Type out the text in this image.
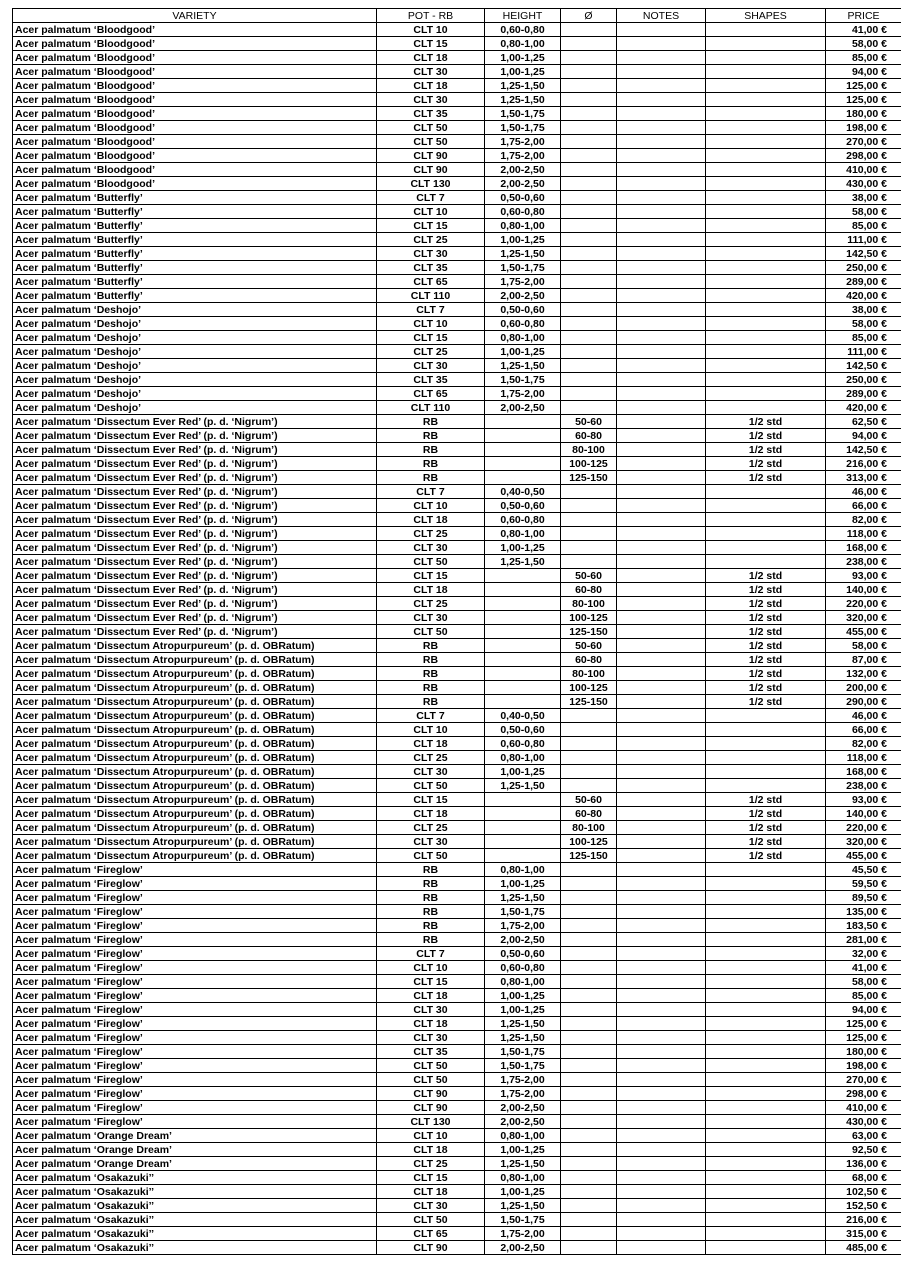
VARIETY	POT - RB	HEIGHT	Ø	NOTES	SHAPES	PRICE
Acer palmatum ‘Bloodgood’	CLT 10	0,60-0,80				41,00 €
Acer palmatum ‘Bloodgood’	CLT 15	0,80-1,00				58,00 €
Acer palmatum ‘Bloodgood’	CLT 18	1,00-1,25				85,00 €
Acer palmatum ‘Bloodgood’	CLT 30	1,00-1,25				94,00 €
Acer palmatum ‘Bloodgood’	CLT 18	1,25-1,50				125,00 €
Acer palmatum ‘Bloodgood’	CLT 30	1,25-1,50				125,00 €
Acer palmatum ‘Bloodgood’	CLT 35	1,50-1,75				180,00 €
Acer palmatum ‘Bloodgood’	CLT 50	1,50-1,75				198,00 €
Acer palmatum ‘Bloodgood’	CLT 50	1,75-2,00				270,00 €
Acer palmatum ‘Bloodgood’	CLT 90	1,75-2,00				298,00 €
Acer palmatum ‘Bloodgood’	CLT 90	2,00-2,50				410,00 €
Acer palmatum ‘Bloodgood’	CLT 130	2,00-2,50				430,00 €
Acer palmatum ‘Butterfly’	CLT 7	0,50-0,60				38,00 €
Acer palmatum ‘Butterfly’	CLT 10	0,60-0,80				58,00 €
Acer palmatum ‘Butterfly’	CLT 15	0,80-1,00				85,00 €
Acer palmatum ‘Butterfly’	CLT 25	1,00-1,25				111,00 €
Acer palmatum ‘Butterfly’	CLT 30	1,25-1,50				142,50 €
Acer palmatum ‘Butterfly’	CLT 35	1,50-1,75				250,00 €
Acer palmatum ‘Butterfly’	CLT 65	1,75-2,00				289,00 €
Acer palmatum ‘Butterfly’	CLT 110	2,00-2,50				420,00 €
Acer palmatum ‘Deshojo’	CLT 7	0,50-0,60				38,00 €
Acer palmatum ‘Deshojo’	CLT 10	0,60-0,80				58,00 €
Acer palmatum ‘Deshojo’	CLT 15	0,80-1,00				85,00 €
Acer palmatum ‘Deshojo’	CLT 25	1,00-1,25				111,00 €
Acer palmatum ‘Deshojo’	CLT 30	1,25-1,50				142,50 €
Acer palmatum ‘Deshojo’	CLT 35	1,50-1,75				250,00 €
Acer palmatum ‘Deshojo’	CLT 65	1,75-2,00				289,00 €
Acer palmatum ‘Deshojo’	CLT 110	2,00-2,50				420,00 €
Acer palmatum ‘Dissectum Ever Red’ (p. d. ‘Nigrum’)	RB		50-60		1/2 std	62,50 €
Acer palmatum ‘Dissectum Ever Red’ (p. d. ‘Nigrum’)	RB		60-80		1/2 std	94,00 €
Acer palmatum ‘Dissectum Ever Red’ (p. d. ‘Nigrum’)	RB		80-100		1/2 std	142,50 €
Acer palmatum ‘Dissectum Ever Red’ (p. d. ‘Nigrum’)	RB		100-125		1/2 std	216,00 €
Acer palmatum ‘Dissectum Ever Red’ (p. d. ‘Nigrum’)	RB		125-150		1/2 std	313,00 €
Acer palmatum ‘Dissectum Ever Red’ (p. d. ‘Nigrum’)	CLT 7	0,40-0,50				46,00 €
Acer palmatum ‘Dissectum Ever Red’ (p. d. ‘Nigrum’)	CLT 10	0,50-0,60				66,00 €
Acer palmatum ‘Dissectum Ever Red’ (p. d. ‘Nigrum’)	CLT 18	0,60-0,80				82,00 €
Acer palmatum ‘Dissectum Ever Red’ (p. d. ‘Nigrum’)	CLT 25	0,80-1,00				118,00 €
Acer palmatum ‘Dissectum Ever Red’ (p. d. ‘Nigrum’)	CLT 30	1,00-1,25				168,00 €
Acer palmatum ‘Dissectum Ever Red’ (p. d. ‘Nigrum’)	CLT 50	1,25-1,50				238,00 €
Acer palmatum ‘Dissectum Ever Red’ (p. d. ‘Nigrum’)	CLT 15		50-60		1/2 std	93,00 €
Acer palmatum ‘Dissectum Ever Red’ (p. d. ‘Nigrum’)	CLT 18		60-80		1/2 std	140,00 €
Acer palmatum ‘Dissectum Ever Red’ (p. d. ‘Nigrum’)	CLT 25		80-100		1/2 std	220,00 €
Acer palmatum ‘Dissectum Ever Red’ (p. d. ‘Nigrum’)	CLT 30		100-125		1/2 std	320,00 €
Acer palmatum ‘Dissectum Ever Red’ (p. d. ‘Nigrum’)	CLT 50		125-150		1/2 std	455,00 €
Acer palmatum ‘Dissectum Atropurpureum’ (p. d. OBRatum)	RB		50-60		1/2 std	58,00 €
Acer palmatum ‘Dissectum Atropurpureum’ (p. d. OBRatum)	RB		60-80		1/2 std	87,00 €
Acer palmatum ‘Dissectum Atropurpureum’ (p. d. OBRatum)	RB		80-100		1/2 std	132,00 €
Acer palmatum ‘Dissectum Atropurpureum’ (p. d. OBRatum)	RB		100-125		1/2 std	200,00 €
Acer palmatum ‘Dissectum Atropurpureum’ (p. d. OBRatum)	RB		125-150		1/2 std	290,00 €
Acer palmatum ‘Dissectum Atropurpureum’ (p. d. OBRatum)	CLT 7	0,40-0,50				46,00 €
Acer palmatum ‘Dissectum Atropurpureum’ (p. d. OBRatum)	CLT 10	0,50-0,60				66,00 €
Acer palmatum ‘Dissectum Atropurpureum’ (p. d. OBRatum)	CLT 18	0,60-0,80				82,00 €
Acer palmatum ‘Dissectum Atropurpureum’ (p. d. OBRatum)	CLT 25	0,80-1,00				118,00 €
Acer palmatum ‘Dissectum Atropurpureum’ (p. d. OBRatum)	CLT 30	1,00-1,25				168,00 €
Acer palmatum ‘Dissectum Atropurpureum’ (p. d. OBRatum)	CLT 50	1,25-1,50				238,00 €
Acer palmatum ‘Dissectum Atropurpureum’ (p. d. OBRatum)	CLT 15		50-60		1/2 std	93,00 €
Acer palmatum ‘Dissectum Atropurpureum’ (p. d. OBRatum)	CLT 18		60-80		1/2 std	140,00 €
Acer palmatum ‘Dissectum Atropurpureum’ (p. d. OBRatum)	CLT 25		80-100		1/2 std	220,00 €
Acer palmatum ‘Dissectum Atropurpureum’ (p. d. OBRatum)	CLT 30		100-125		1/2 std	320,00 €
Acer palmatum ‘Dissectum Atropurpureum’ (p. d. OBRatum)	CLT 50		125-150		1/2 std	455,00 €
Acer palmatum ‘Fireglow’	RB	0,80-1,00				45,50 €
Acer palmatum ‘Fireglow’	RB	1,00-1,25				59,50 €
Acer palmatum ‘Fireglow’	RB	1,25-1,50				89,50 €
Acer palmatum ‘Fireglow’	RB	1,50-1,75				135,00 €
Acer palmatum ‘Fireglow’	RB	1,75-2,00				183,50 €
Acer palmatum ‘Fireglow’	RB	2,00-2,50				281,00 €
Acer palmatum ‘Fireglow’	CLT 7	0,50-0,60				32,00 €
Acer palmatum ‘Fireglow’	CLT 10	0,60-0,80				41,00 €
Acer palmatum ‘Fireglow’	CLT 15	0,80-1,00				58,00 €
Acer palmatum ‘Fireglow’	CLT 18	1,00-1,25				85,00 €
Acer palmatum ‘Fireglow’	CLT 30	1,00-1,25				94,00 €
Acer palmatum ‘Fireglow’	CLT 18	1,25-1,50				125,00 €
Acer palmatum ‘Fireglow’	CLT 30	1,25-1,50				125,00 €
Acer palmatum ‘Fireglow’	CLT 35	1,50-1,75				180,00 €
Acer palmatum ‘Fireglow’	CLT 50	1,50-1,75				198,00 €
Acer palmatum ‘Fireglow’	CLT 50	1,75-2,00				270,00 €
Acer palmatum ‘Fireglow’	CLT 90	1,75-2,00				298,00 €
Acer palmatum ‘Fireglow’	CLT 90	2,00-2,50				410,00 €
Acer palmatum ‘Fireglow’	CLT 130	2,00-2,50				430,00 €
Acer palmatum ‘Orange Dream’	CLT 10	0,80-1,00				63,00 €
Acer palmatum ‘Orange Dream’	CLT 18	1,00-1,25				92,50 €
Acer palmatum ‘Orange Dream’	CLT 25	1,25-1,50				136,00 €
Acer palmatum ‘Osakazuki’’	CLT 15	0,80-1,00				68,00 €
Acer palmatum ‘Osakazuki’’	CLT 18	1,00-1,25				102,50 €
Acer palmatum ‘Osakazuki’’	CLT 30	1,25-1,50				152,50 €
Acer palmatum ‘Osakazuki’’	CLT 50	1,50-1,75				216,00 €
Acer palmatum ‘Osakazuki’’	CLT 65	1,75-2,00				315,00 €
Acer palmatum ‘Osakazuki’’	CLT 90	2,00-2,50				485,00 €
